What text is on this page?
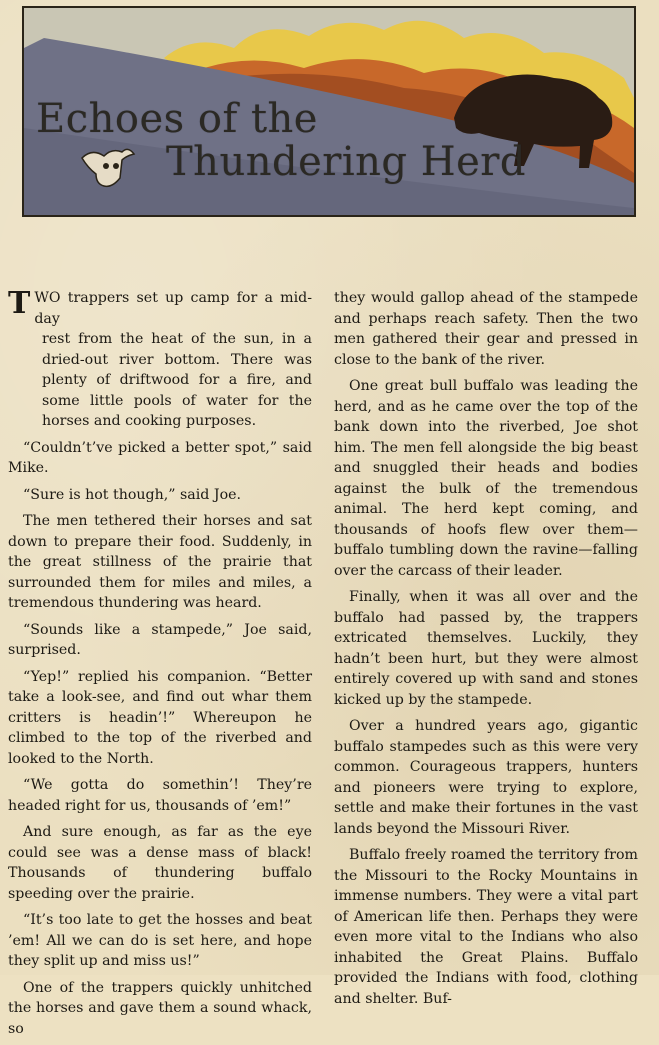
Echoes of the
Thundering Herd

TWO trappers set up camp for a mid-day
rest from the heat of the sun, in a dried-out river bottom. There was plenty of driftwood for a fire, and some little pools of water for the horses and cooking purposes.

“Couldn’t’ve picked a better spot,” said Mike.

“Sure is hot though,” said Joe.

The men tethered their horses and sat down to prepare their food. Suddenly, in the great stillness of the prairie that surrounded them for miles and miles, a tremendous thundering was heard.

“Sounds like a stampede,” Joe said, surprised.

“Yep!” replied his companion. “Better take a look-see, and find out whar them critters is headin’!” Whereupon he climbed to the top of the riverbed and looked to the North.

“We gotta do somethin’! They’re headed right for us, thousands of ’em!”

And sure enough, as far as the eye could see was a dense mass of black! Thousands of thundering buffalo speeding over the prairie.

“It’s too late to get the hosses and beat ’em! All we can do is set here, and hope they split up and miss us!”

One of the trappers quickly unhitched the horses and gave them a sound whack, so

they would gallop ahead of the stampede and perhaps reach safety. Then the two men gathered their gear and pressed in close to the bank of the river.

One great bull buffalo was leading the herd, and as he came over the top of the bank down into the riverbed, Joe shot him. The men fell alongside the big beast and snuggled their heads and bodies against the bulk of the tremendous animal. The herd kept coming, and thousands of hoofs flew over them—buffalo tumbling down the ravine—falling over the carcass of their leader.

Finally, when it was all over and the buffalo had passed by, the trappers extricated themselves. Luckily, they hadn’t been hurt, but they were almost entirely covered up with sand and stones kicked up by the stampede.

Over a hundred years ago, gigantic buffalo stampedes such as this were very common. Courageous trappers, hunters and pioneers were trying to explore, settle and make their fortunes in the vast lands beyond the Missouri River.

Buffalo freely roamed the territory from the Missouri to the Rocky Mountains in immense numbers. They were a vital part of American life then. Perhaps they were even more vital to the Indians who also inhabited the Great Plains. Buffalo provided the Indians with food, clothing and shelter. Buf-
